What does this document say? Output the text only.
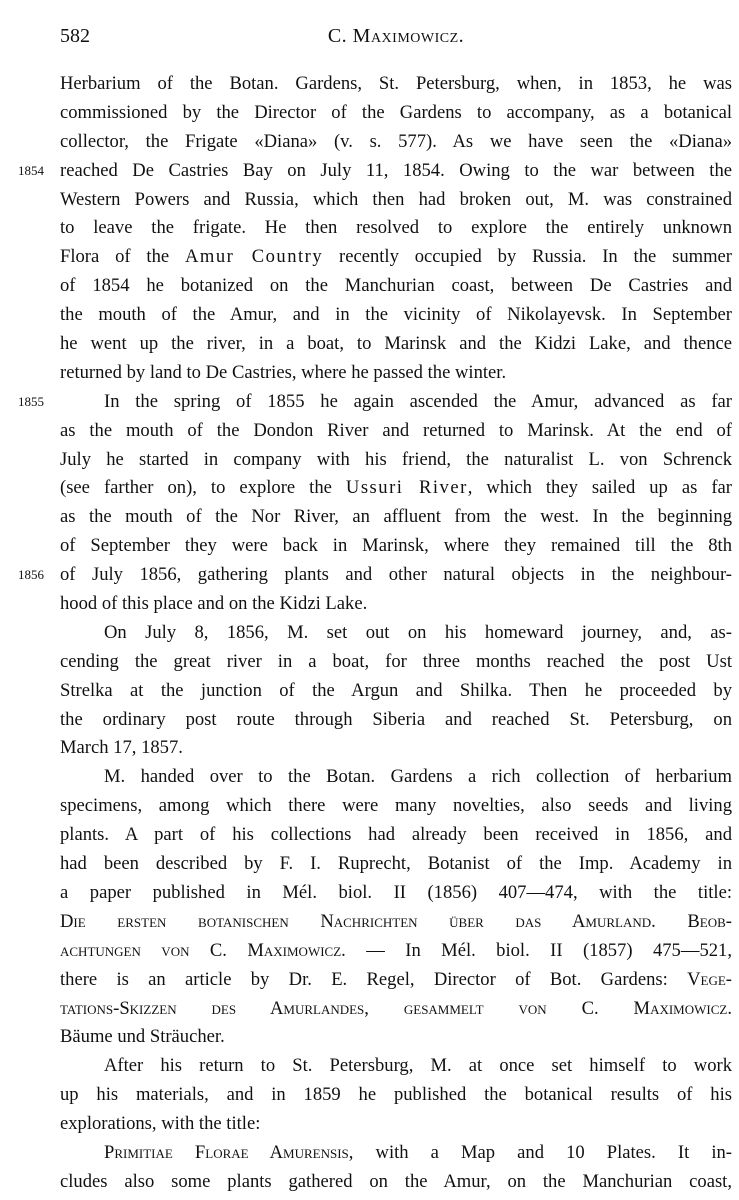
582	C. Maximowicz.
Herbarium of the Botan. Gardens, St. Petersburg, when, in 1853, he was
commissioned by the Director of the Gardens to accompany, as a botanical
collector, the Frigate «Diana» (v. s. 577). As we have seen the «Diana»
1854 reached De Castries Bay on July 11, 1854. Owing to the war between the
Western Powers and Russia, which then had broken out, M. was constrained
to leave the frigate. He then resolved to explore the entirely unknown
Flora of the Amur Country recently occupied by Russia. In the summer
of 1854 he botanized on the Manchurian coast, between De Castries and
the mouth of the Amur, and in the vicinity of Nikolayevsk. In September
he went up the river, in a boat, to Marinsk and the Kidzi Lake, and thence
returned by land to De Castries, where he passed the winter.
1855	In the spring of 1855 he again ascended the Amur, advanced as far
as the mouth of the Dondon River and returned to Marinsk. At the end of
July he started in company with his friend, the naturalist L. von Schrenck
(see farther on), to explore the Ussuri River, which they sailed up as far
as the mouth of the Nor River, an affluent from the west. In the beginning
of September they were back in Marinsk, where they remained till the 8th
1856 of July 1856, gathering plants and other natural objects in the neighbour-
hood of this place and on the Kidzi Lake.
On July 8, 1856, M. set out on his homeward journey, and, as-
cending the great river in a boat, for three months reached the post Ust
Strelka at the junction of the Argun and Shilka. Then he proceeded by
the ordinary post route through Siberia and reached St. Petersburg, on
March 17, 1857.
M. handed over to the Botan. Gardens a rich collection of herbarium
specimens, among which there were many novelties, also seeds and living
plants. A part of his collections had already been received in 1856, and
had been described by F. I. Ruprecht, Botanist of the Imp. Academy in
a paper published in Mél. biol. II (1856) 407—474, with the title:
Die ersten botanischen Nachrichten über das Amurland. Beob-
achtungen von C. Maximowicz. — In Mél. biol. II (1857) 475—521,
there is an article by Dr. E. Regel, Director of Bot. Gardens: Vege-
tations-Skizzen des Amurlandes, gesammelt von C. Maximowicz.
Bäume und Sträucher.
After his return to St. Petersburg, M. at once set himself to work
up his materials, and in 1859 he published the botanical results of his
explorations, with the title:
Primitiae Florae Amurensis, with a Map and 10 Plates. It in-
cludes also some plants gathered on the Amur, on the Manchurian coast,
